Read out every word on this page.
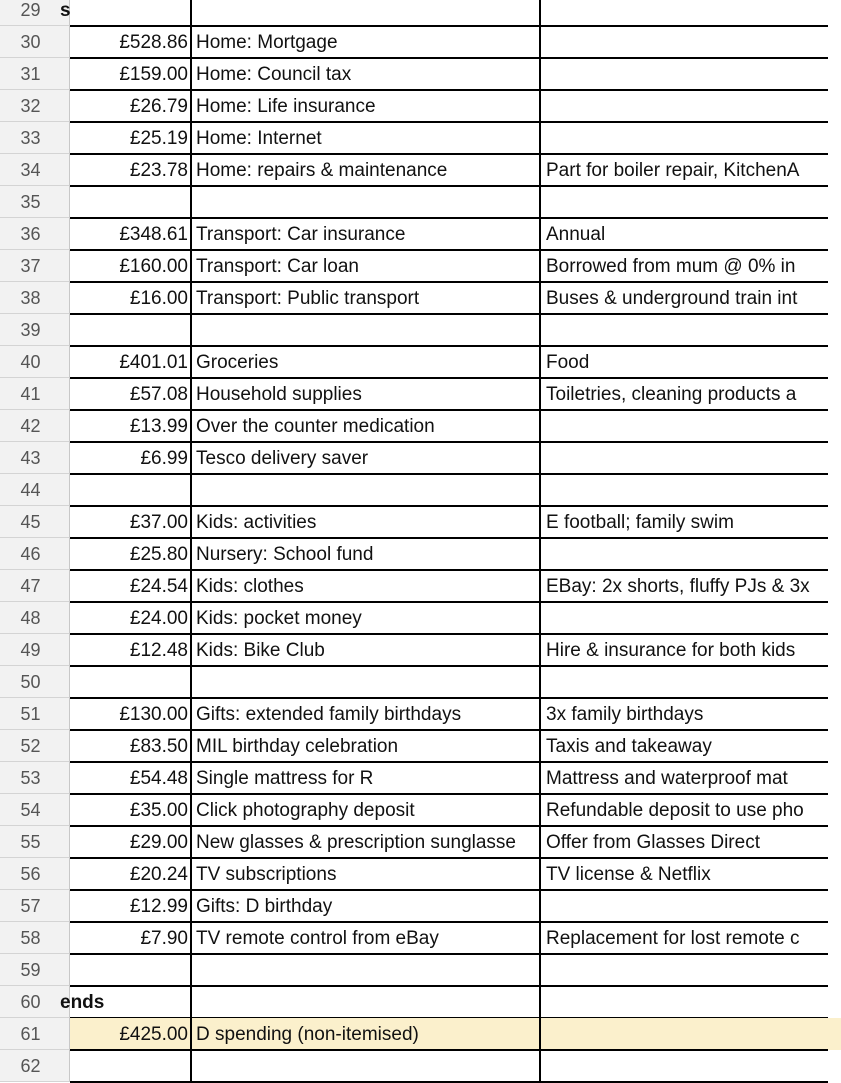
29	s
30	£528.86 Home: Mortgage
31	£159.00 Home: Council tax
32	£26.79 Home: Life insurance
33	£25.19 Home: Internet
34	£23.78 Home: repairs & maintenance	Part for boiler repair, KitchenA
35
36	£348.61 Transport: Car insurance	Annual
37	£160.00 Transport: Car loan	Borrowed from mum @ 0% in
38	£16.00 Transport: Public transport	Buses & underground train int
39
40	£401.01 Groceries	Food
41	£57.08 Household supplies	Toiletries, cleaning products a
42	£13.99 Over the counter medication
43	£6.99 Tesco delivery saver
44
45	£37.00 Kids: activities	E football; family swim
46	£25.80 Nursery: School fund
47	£24.54 Kids: clothes	EBay: 2x shorts, fluffy PJs & 3x
48	£24.00 Kids: pocket money
49	£12.48 Kids: Bike Club	Hire & insurance for both kids
50
51	£130.00 Gifts: extended family birthdays	3x family birthdays
52	£83.50 MIL birthday celebration	Taxis and takeaway
53	£54.48 Single mattress for R	Mattress and waterproof mat
54	£35.00 Click photography deposit	Refundable deposit to use pho
55	£29.00 New glasses & prescription sunglasse	Offer from Glasses Direct
56	£20.24 TV subscriptions	TV license & Netflix
57	£12.99 Gifts: D birthday
58	£7.90 TV remote control from eBay	Replacement for lost remote c
59
60	ends
61	£425.00 D spending (non-itemised)
62
